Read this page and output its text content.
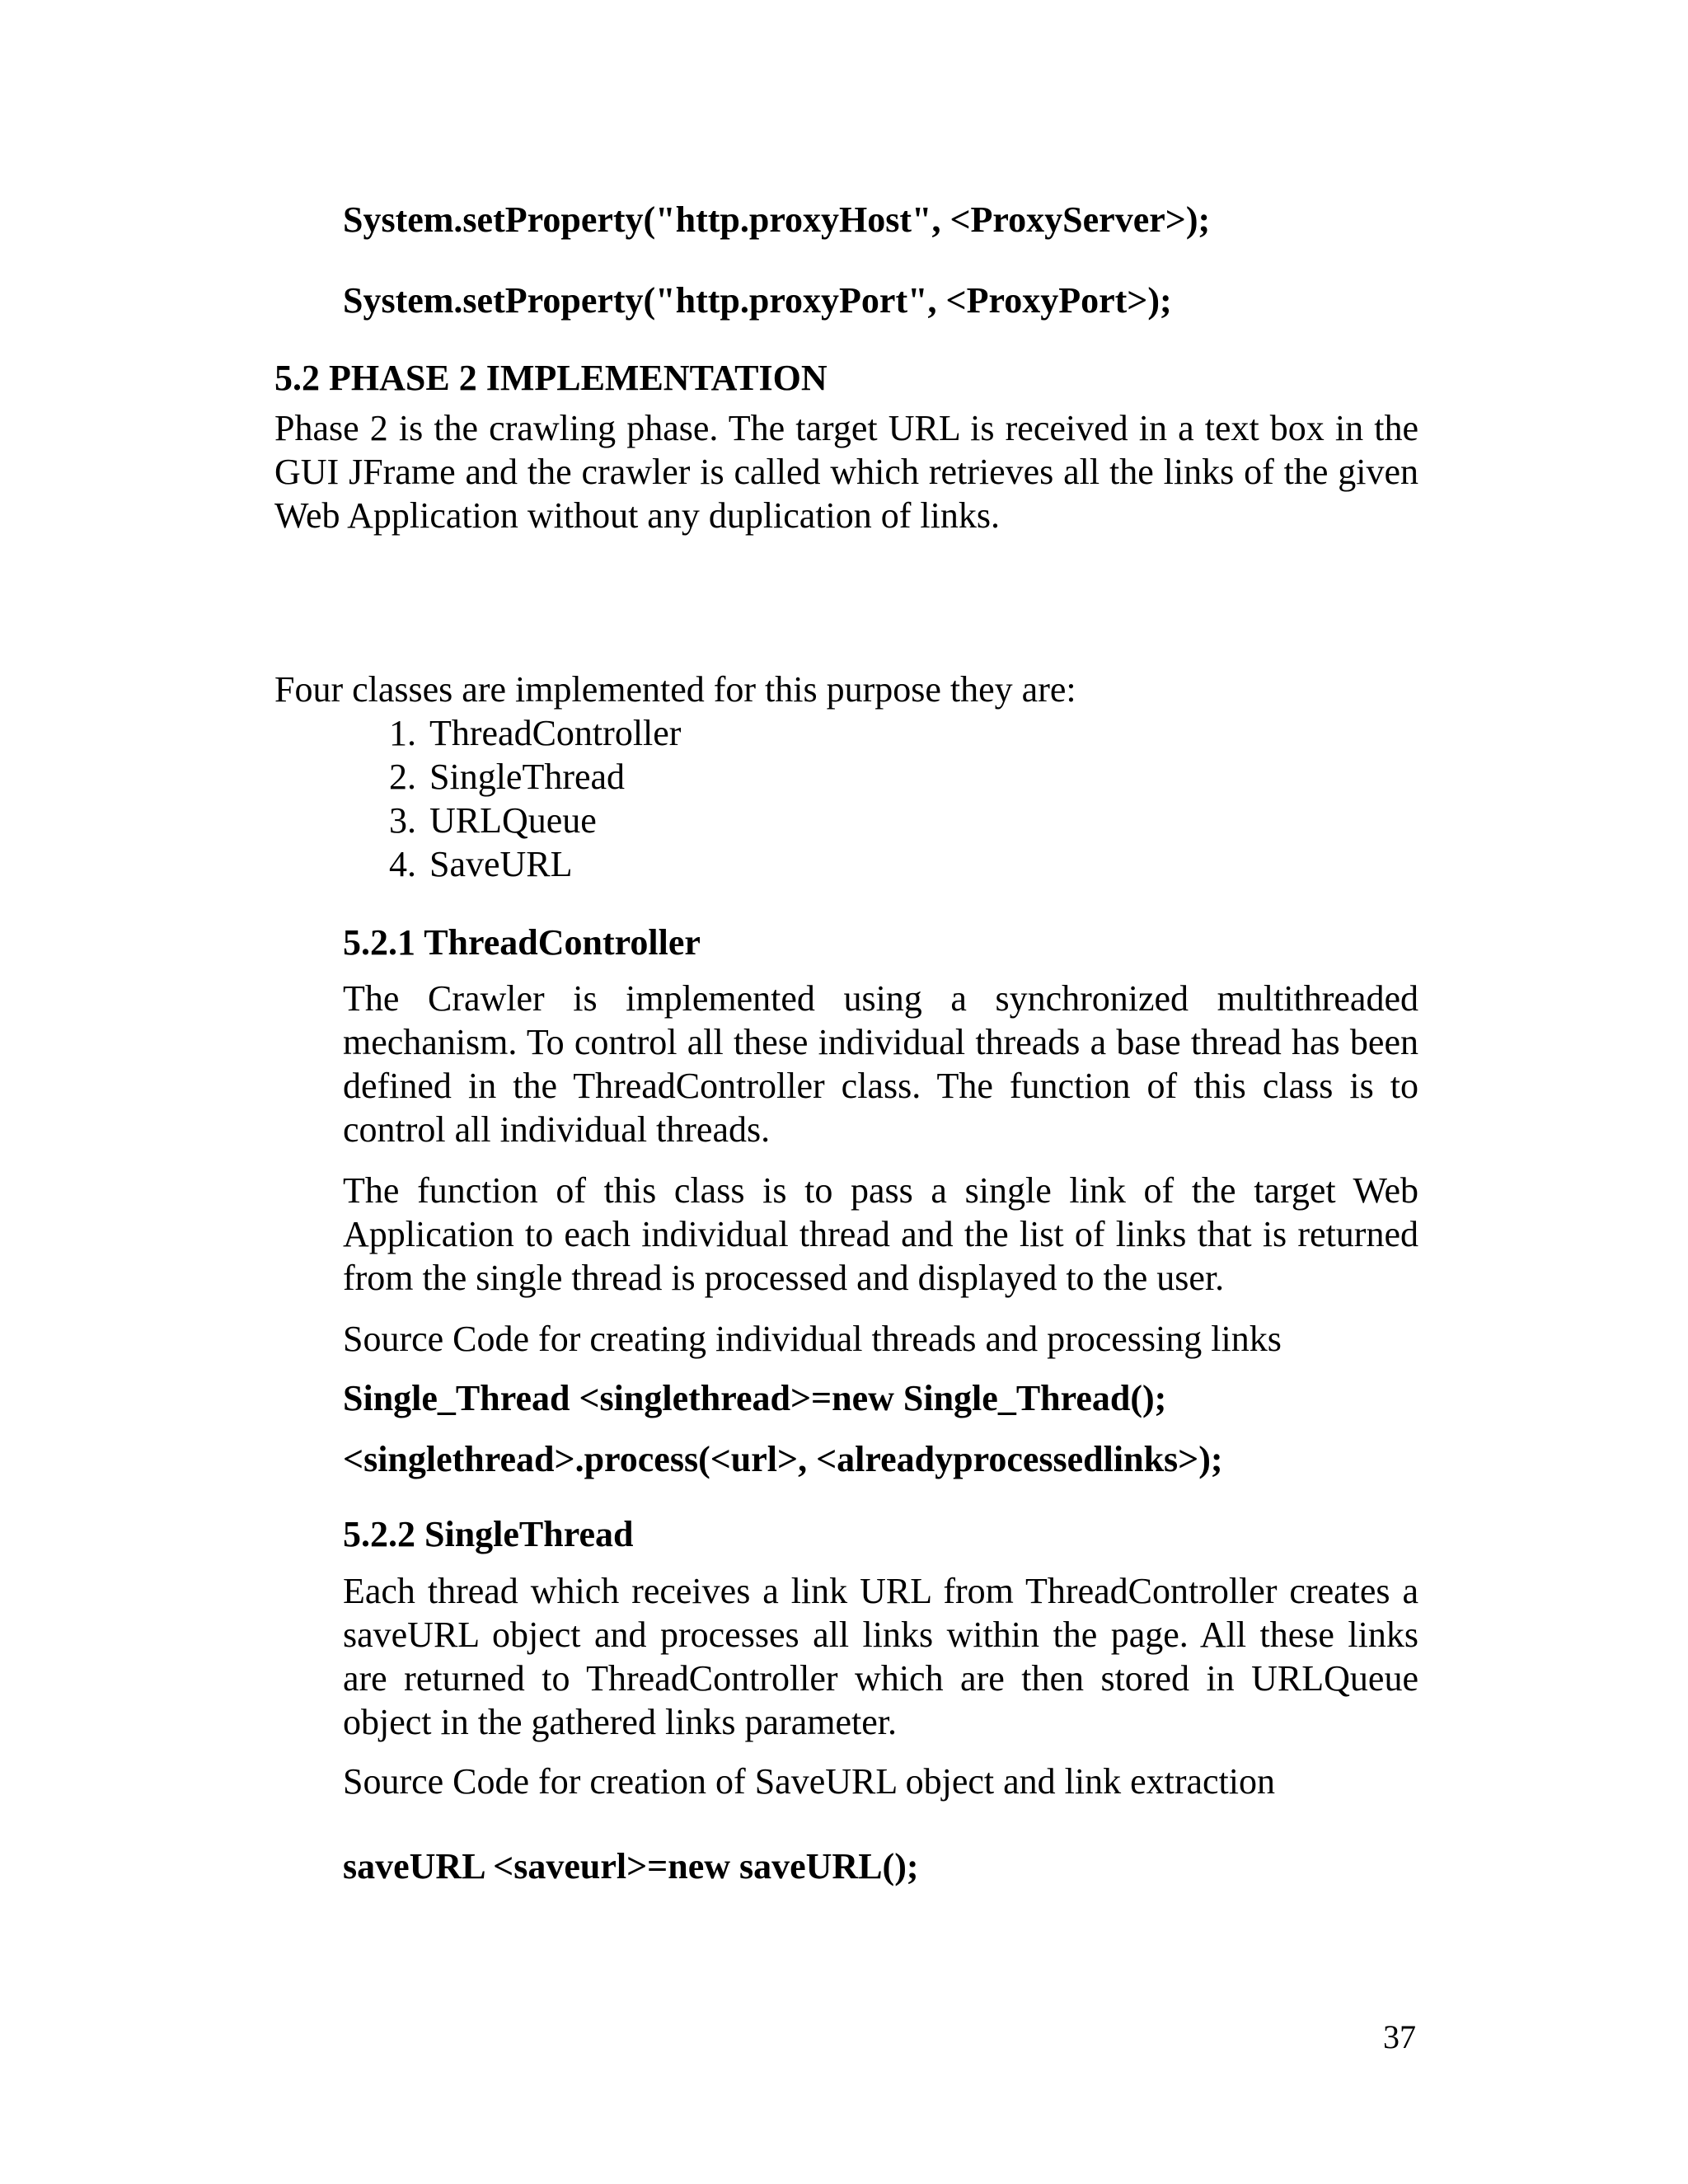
System.setProperty("http.proxyHost", <ProxyServer>);
System.setProperty("http.proxyPort", <ProxyPort>);
5.2 PHASE 2 IMPLEMENTATION
Phase 2 is the crawling phase. The target URL is received in a text box in the GUI JFrame and the crawler is called which retrieves all the links of the given Web Application without any duplication of links.
Four classes are implemented for this purpose they are:
1. ThreadController
2. SingleThread
3. URLQueue
4. SaveURL
5.2.1 ThreadController
The Crawler is implemented using a synchronized multithreaded mechanism. To control all these individual threads a base thread has been defined in the ThreadController class. The function of this class is to control all individual threads.
The function of this class is to pass a single link of the target Web Application to each individual thread and the list of links that is returned from the single thread is processed and displayed to the user.
Source Code for creating individual threads and processing links
Single_Thread <singlethread>=new Single_Thread();
<singlethread>.process(<url>, <alreadyprocessedlinks>);
5.2.2 SingleThread
Each thread which receives a link URL from ThreadController creates a saveURL object and processes all links within the page. All these links are returned to ThreadController which are then stored in URLQueue object in the gathered links parameter.
Source Code for creation of SaveURL object and link extraction
saveURL <saveurl>=new saveURL();
37
